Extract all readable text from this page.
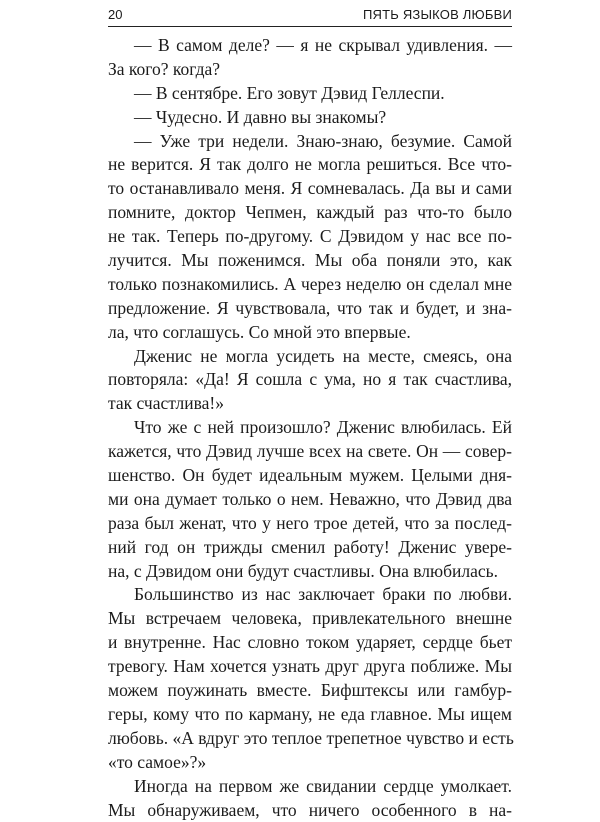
20	ПЯТЬ ЯЗЫКОВ ЛЮБВИ
— В самом деле? — я не скрывал удивления. —
За кого? когда?
— В сентябре. Его зовут Дэвид Геллеспи.
— Чудесно. И давно вы знакомы?
— Уже три недели. Знаю-знаю, безумие. Самой
не верится. Я так долго не могла решиться. Все что-
то останавливало меня. Я сомневалась. Да вы и сами
помните, доктор Чепмен, каждый раз что-то было
не так. Теперь по-другому. С Дэвидом у нас все по-
лучится. Мы поженимся. Мы оба поняли это, как
только познакомились. А через неделю он сделал мне
предложение. Я чувствовала, что так и будет, и зна-
ла, что соглашусь. Со мной это впервые.
Дженис не могла усидеть на месте, смеясь, она
повторяла: «Да! Я сошла с ума, но я так счастлива,
так счастлива!»
Что же с ней произошло? Дженис влюбилась. Ей
кажется, что Дэвид лучше всех на свете. Он — совер-
шенство. Он будет идеальным мужем. Целыми дня-
ми она думает только о нем. Неважно, что Дэвид два
раза был женат, что у него трое детей, что за послед-
ний год он трижды сменил работу! Дженис увере-
на, с Дэвидом они будут счастливы. Она влюбилась.
Большинство из нас заключает браки по любви.
Мы встречаем человека, привлекательного внешне
и внутренне. Нас словно током ударяет, сердце бьет
тревогу. Нам хочется узнать друг друга поближе. Мы
можем поужинать вместе. Бифштексы или гамбур-
геры, кому что по карману, не еда главное. Мы ищем
любовь. «А вдруг это теплое трепетное чувство и есть
«то самое»?»
Иногда на первом же свидании сердце умолкает.
Мы обнаруживаем, что ничего особенного в на-
